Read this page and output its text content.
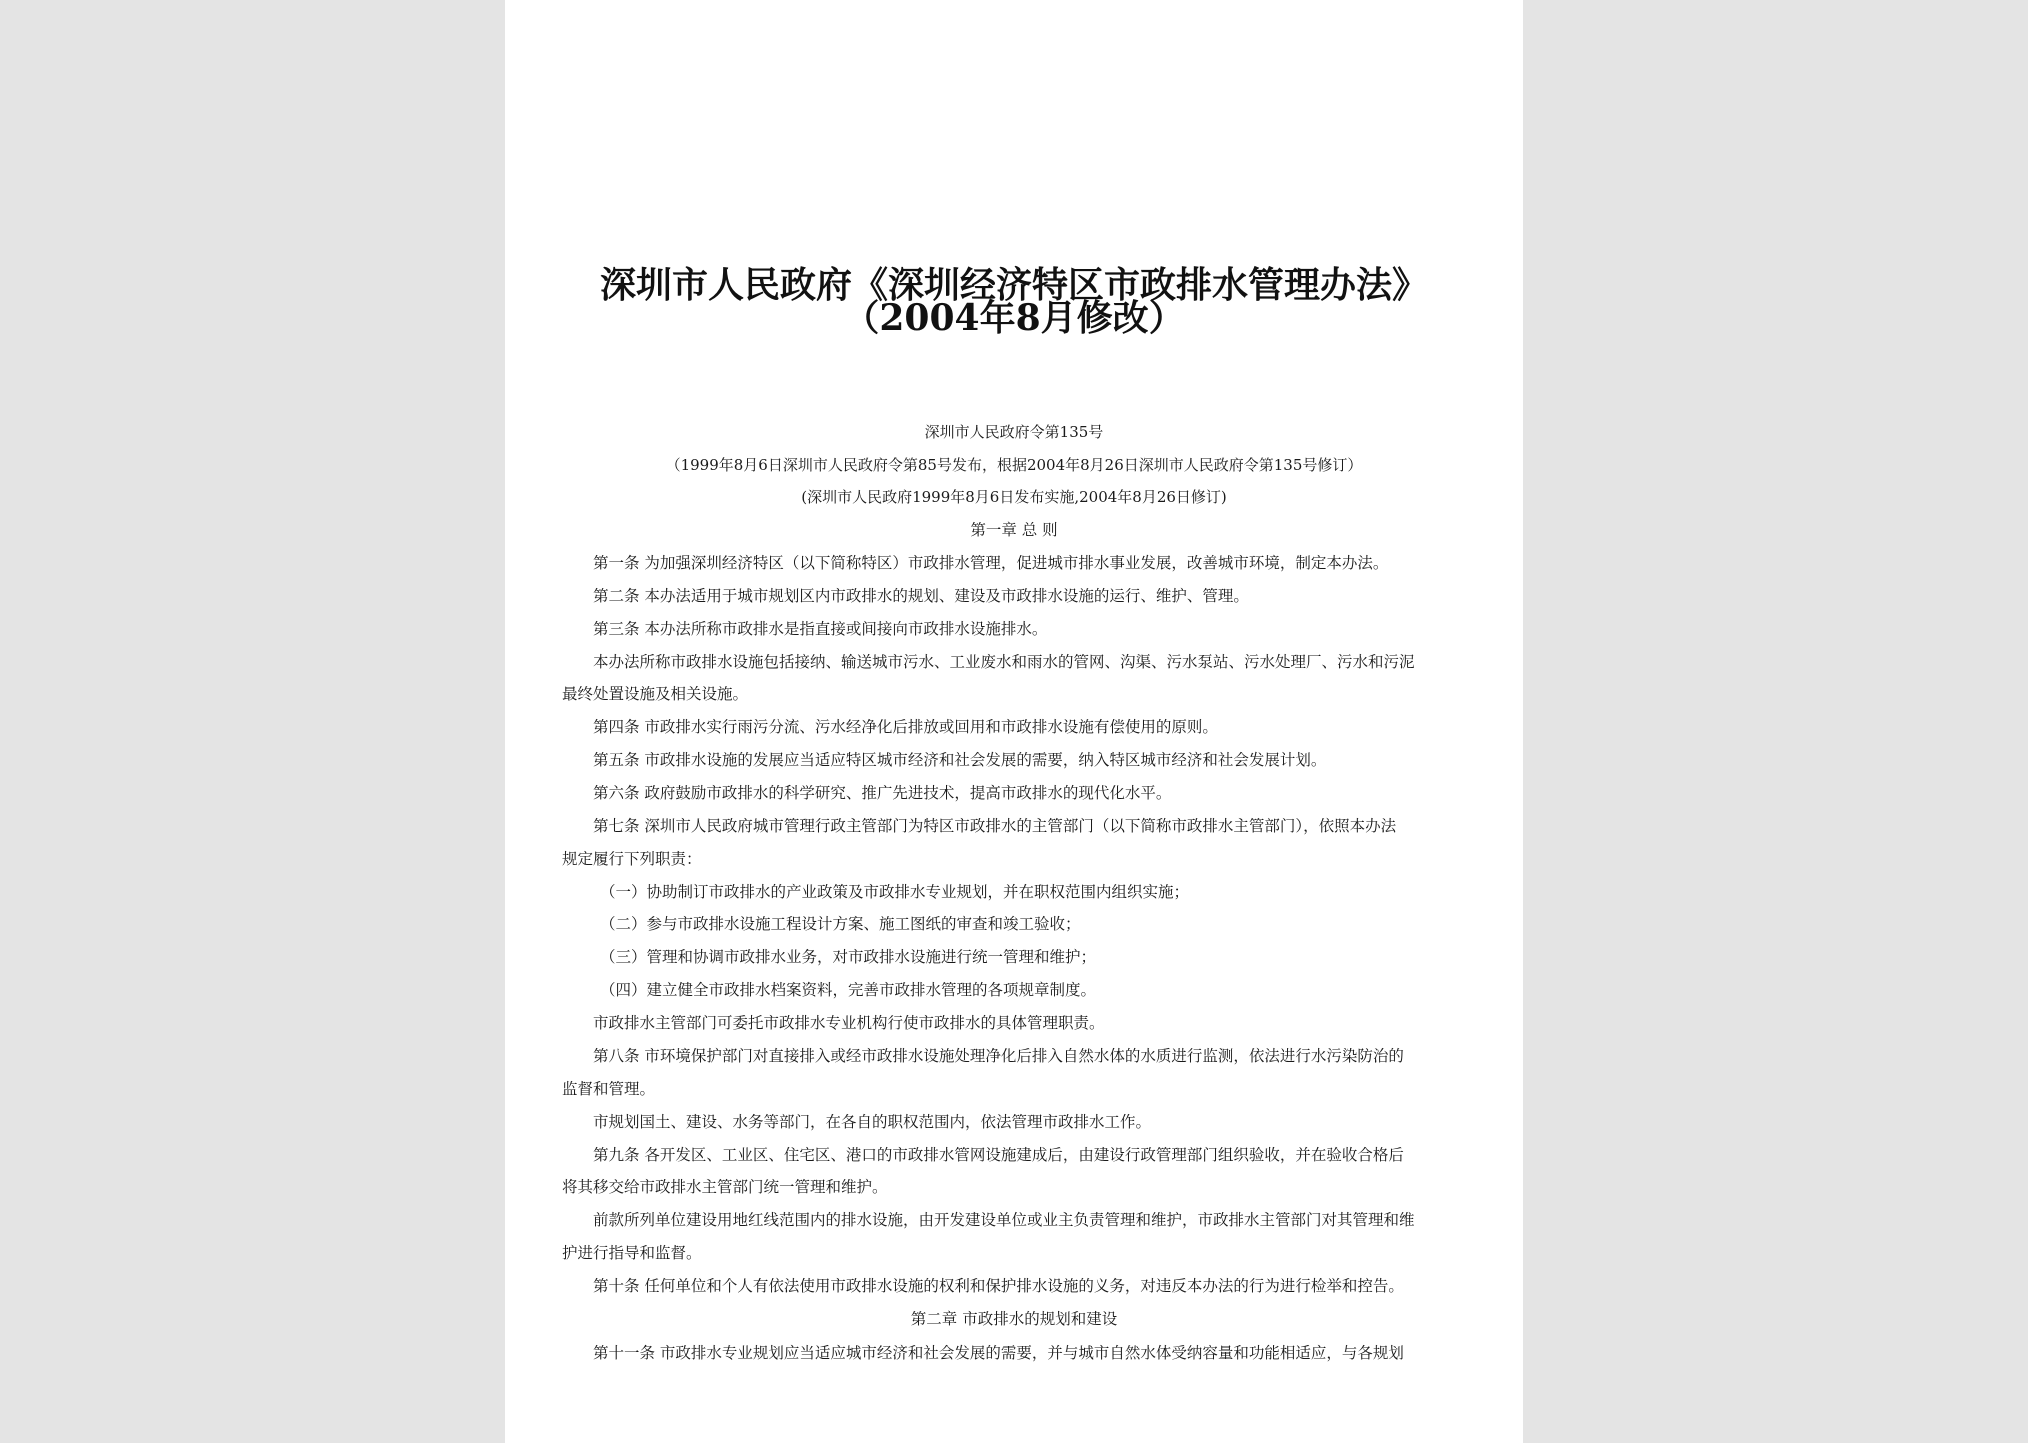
深圳市人民政府《深圳经济特区市政排水管理办法》
（2004年8月修改）
深圳市人民政府令第135号
（1999年8月6日深圳市人民政府令第85号发布，根据2004年8月26日深圳市人民政府令第135号修订）
(深圳市人民政府1999年8月6日发布实施,2004年8月26日修订)
第一章 总 则
第一条 为加强深圳经济特区（以下简称特区）市政排水管理，促进城市排水事业发展，改善城市环境，制定本办法。
第二条 本办法适用于城市规划区内市政排水的规划、建设及市政排水设施的运行、维护、管理。
第三条 本办法所称市政排水是指直接或间接向市政排水设施排水。
本办法所称市政排水设施包括接纳、输送城市污水、工业废水和雨水的管网、沟渠、污水泵站、污水处理厂、污水和污泥
最终处置设施及相关设施。
第四条 市政排水实行雨污分流、污水经净化后排放或回用和市政排水设施有偿使用的原则。
第五条 市政排水设施的发展应当适应特区城市经济和社会发展的需要，纳入特区城市经济和社会发展计划。
第六条 政府鼓励市政排水的科学研究、推广先进技术，提高市政排水的现代化水平。
第七条 深圳市人民政府城市管理行政主管部门为特区市政排水的主管部门（以下简称市政排水主管部门），依照本办法
规定履行下列职责：
（一）协助制订市政排水的产业政策及市政排水专业规划，并在职权范围内组织实施；
（二）参与市政排水设施工程设计方案、施工图纸的审查和竣工验收；
（三）管理和协调市政排水业务，对市政排水设施进行统一管理和维护；
（四）建立健全市政排水档案资料，完善市政排水管理的各项规章制度。
市政排水主管部门可委托市政排水专业机构行使市政排水的具体管理职责。
第八条 市环境保护部门对直接排入或经市政排水设施处理净化后排入自然水体的水质进行监测，依法进行水污染防治的
监督和管理。
市规划国土、建设、水务等部门，在各自的职权范围内，依法管理市政排水工作。
第九条 各开发区、工业区、住宅区、港口的市政排水管网设施建成后，由建设行政管理部门组织验收，并在验收合格后
将其移交给市政排水主管部门统一管理和维护。
前款所列单位建设用地红线范围内的排水设施，由开发建设单位或业主负责管理和维护，市政排水主管部门对其管理和维
护进行指导和监督。
第十条 任何单位和个人有依法使用市政排水设施的权利和保护排水设施的义务，对违反本办法的行为进行检举和控告。
第二章 市政排水的规划和建设
第十一条 市政排水专业规划应当适应城市经济和社会发展的需要，并与城市自然水体受纳容量和功能相适应，与各规划
